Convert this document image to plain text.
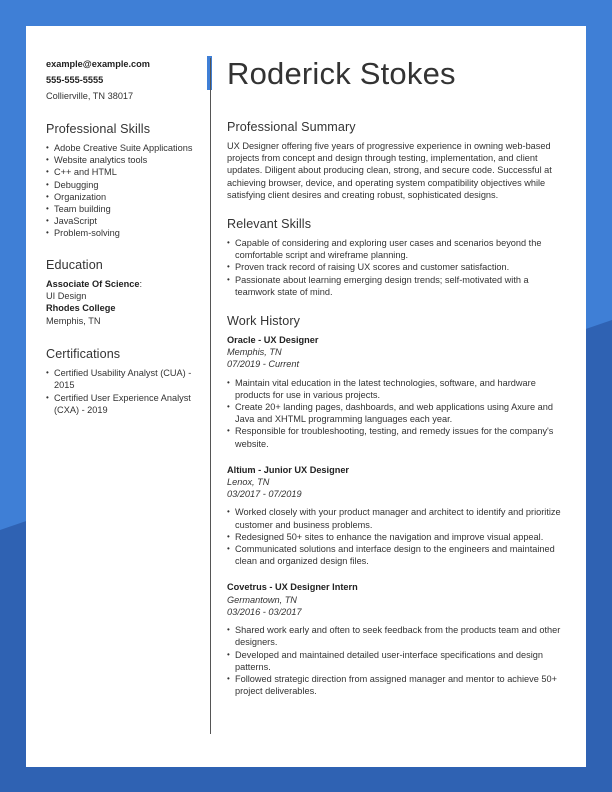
example@example.com
555-555-5555
Collierville, TN 38017
Professional Skills
• Adobe Creative Suite Applications
• Website analytics tools
• C++ and HTML
• Debugging
• Organization
• Team building
• JavaScript
• Problem-solving
Education
Associate Of Science:
UI Design
Rhodes College
Memphis, TN
Certifications
• Certified Usability Analyst (CUA) - 2015
• Certified User Experience Analyst (CXA) - 2019
Roderick Stokes
Professional Summary
UX Designer offering five years of progressive experience in owning web-based projects from concept and design through testing, implementation, and client updates. Diligent about producing clean, strong, and secure code. Successful at achieving browser, device, and operating system compatibility objectives while satisfying client desires and creating robust, sophisticated designs.
Relevant Skills
• Capable of considering and exploring user cases and scenarios beyond the comfortable script and wireframe planning.
• Proven track record of raising UX scores and customer satisfaction.
• Passionate about learning emerging design trends; self-motivated with a teamwork state of mind.
Work History
Oracle - UX Designer
Memphis, TN
07/2019 - Current
• Maintain vital education in the latest technologies, software, and hardware products for use in various projects.
• Create 20+ landing pages, dashboards, and web applications using Axure and Java and XHTML programming languages each year.
• Responsible for troubleshooting, testing, and remedy issues for the company's website.
Altium - Junior UX Designer
Lenox, TN
03/2017 - 07/2019
• Worked closely with your product manager and architect to identify and prioritize customer and business problems.
• Redesigned 50+ sites to enhance the navigation and improve visual appeal.
• Communicated solutions and interface design to the engineers and maintained clean and organized design files.
Covetrus - UX Designer Intern
Germantown, TN
03/2016 - 03/2017
• Shared work early and often to seek feedback from the products team and other designers.
• Developed and maintained detailed user-interface specifications and design patterns.
• Followed strategic direction from assigned manager and mentor to achieve 50+ project deliverables.
